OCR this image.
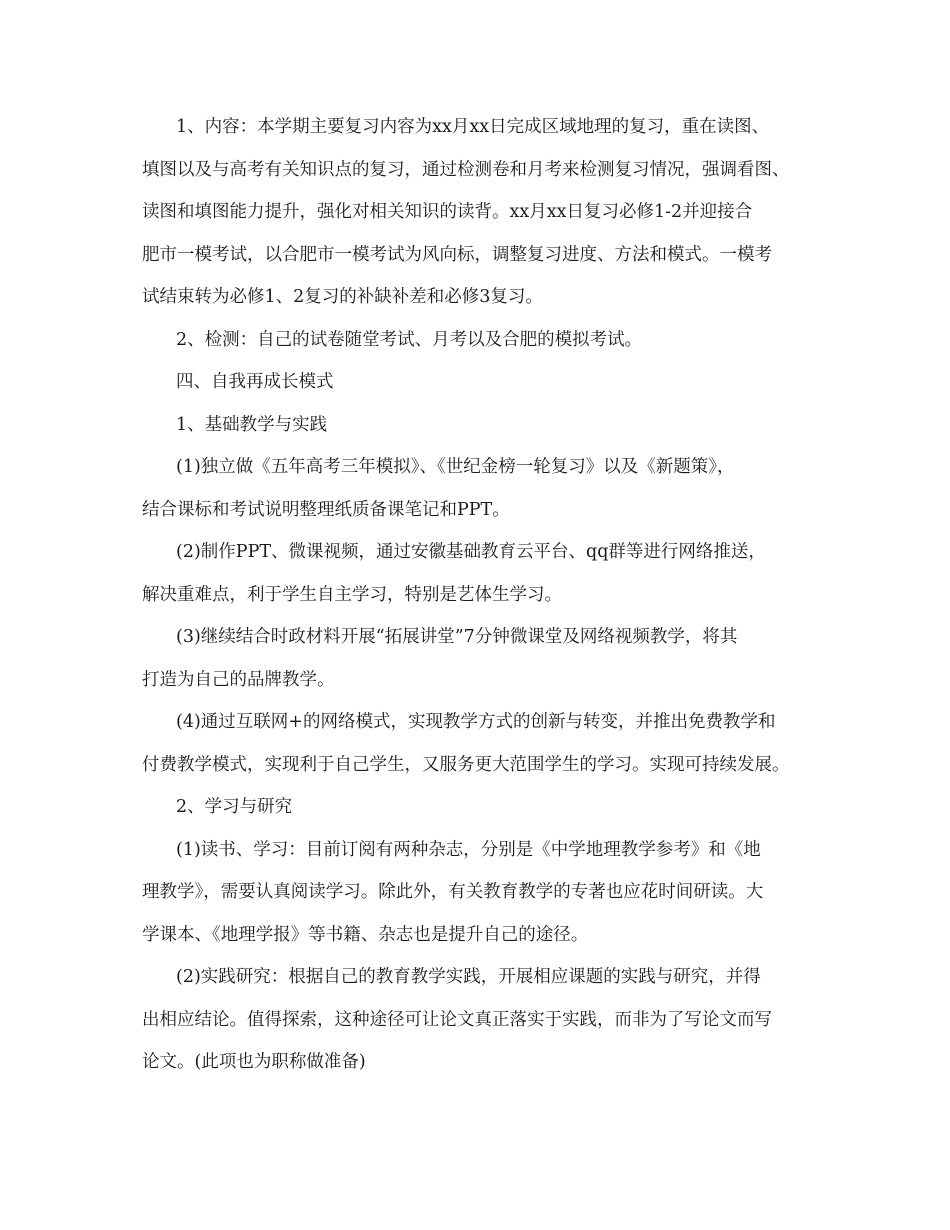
1、内容：本学期主要复习内容为xx月xx日完成区域地理的复习，重在读图、
填图以及与高考有关知识点的复习，通过检测卷和月考来检测复习情况，强调看图、
读图和填图能力提升，强化对相关知识的读背。xx月xx日复习必修1-2并迎接合
肥市一模考试，以合肥市一模考试为风向标，调整复习进度、方法和模式。一模考
试结束转为必修1、2复习的补缺补差和必修3复习。
2、检测：自己的试卷随堂考试、月考以及合肥的模拟考试。
四、自我再成长模式
1、基础教学与实践
(1)独立做《五年高考三年模拟》、《世纪金榜一轮复习》以及《新题策》，
结合课标和考试说明整理纸质备课笔记和PPT。
(2)制作PPT、微课视频，通过安徽基础教育云平台、qq群等进行网络推送，
解决重难点，利于学生自主学习，特别是艺体生学习。
(3)继续结合时政材料开展“拓展讲堂”7分钟微课堂及网络视频教学，将其
打造为自己的品牌教学。
(4)通过互联网+的网络模式，实现教学方式的创新与转变，并推出免费教学和
付费教学模式，实现利于自己学生，又服务更大范围学生的学习。实现可持续发展。
2、学习与研究
(1)读书、学习：目前订阅有两种杂志，分别是《中学地理教学参考》和《地
理教学》，需要认真阅读学习。除此外，有关教育教学的专著也应花时间研读。大
学课本、《地理学报》等书籍、杂志也是提升自己的途径。
(2)实践研究：根据自己的教育教学实践，开展相应课题的实践与研究，并得
出相应结论。值得探索，这种途径可让论文真正落实于实践，而非为了写论文而写
论文。(此项也为职称做准备)
